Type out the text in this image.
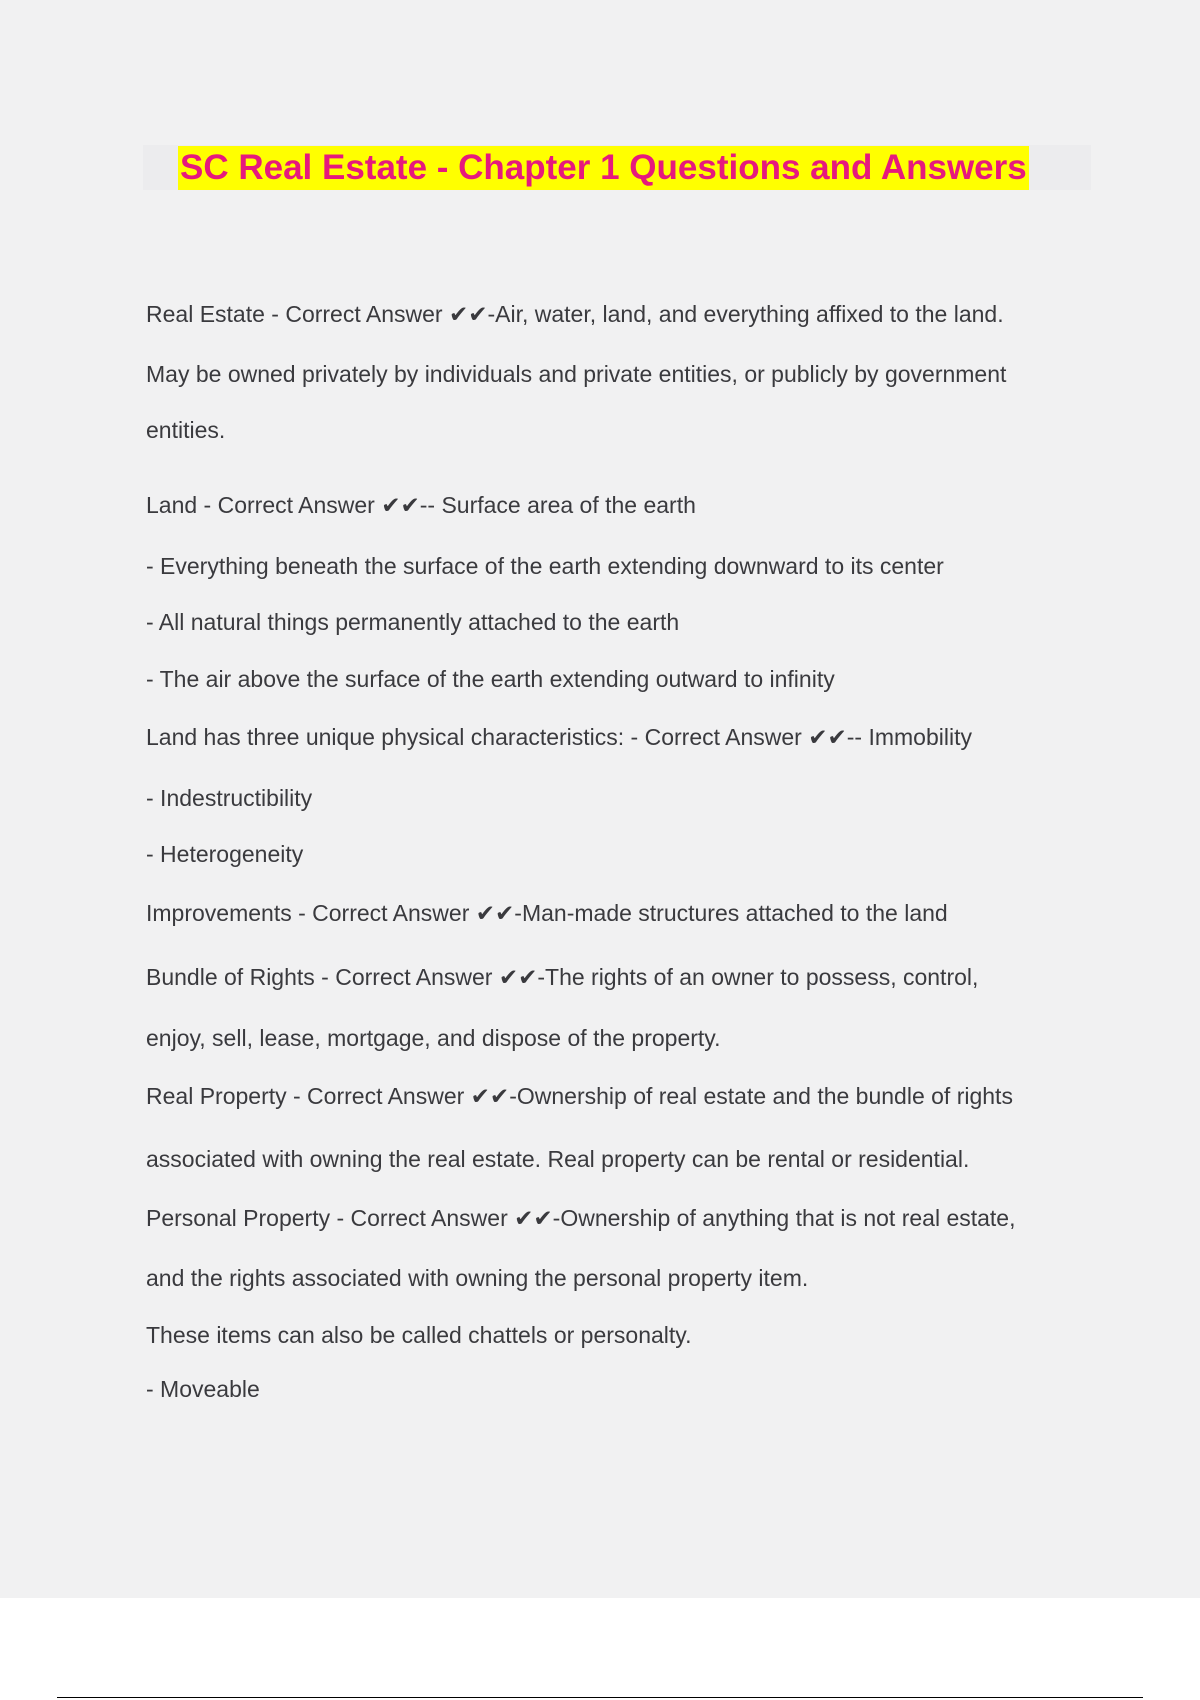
SC Real Estate - Chapter 1 Questions and Answers

Real Estate - Correct Answer ✔✔-Air, water, land, and everything affixed to the land.

May be owned privately by individuals and private entities, or publicly by government

entities.

Land - Correct Answer ✔✔-- Surface area of the earth

- Everything beneath the surface of the earth extending downward to its center

- All natural things permanently attached to the earth

- The air above the surface of the earth extending outward to infinity

Land has three unique physical characteristics: - Correct Answer ✔✔-- Immobility

- Indestructibility

- Heterogeneity

Improvements - Correct Answer ✔✔-Man-made structures attached to the land

Bundle of Rights - Correct Answer ✔✔-The rights of an owner to possess, control,

enjoy, sell, lease, mortgage, and dispose of the property.

Real Property - Correct Answer ✔✔-Ownership of real estate and the bundle of rights

associated with owning the real estate. Real property can be rental or residential.

Personal Property - Correct Answer ✔✔-Ownership of anything that is not real estate,

and the rights associated with owning the personal property item.

These items can also be called chattels or personalty.

- Moveable
